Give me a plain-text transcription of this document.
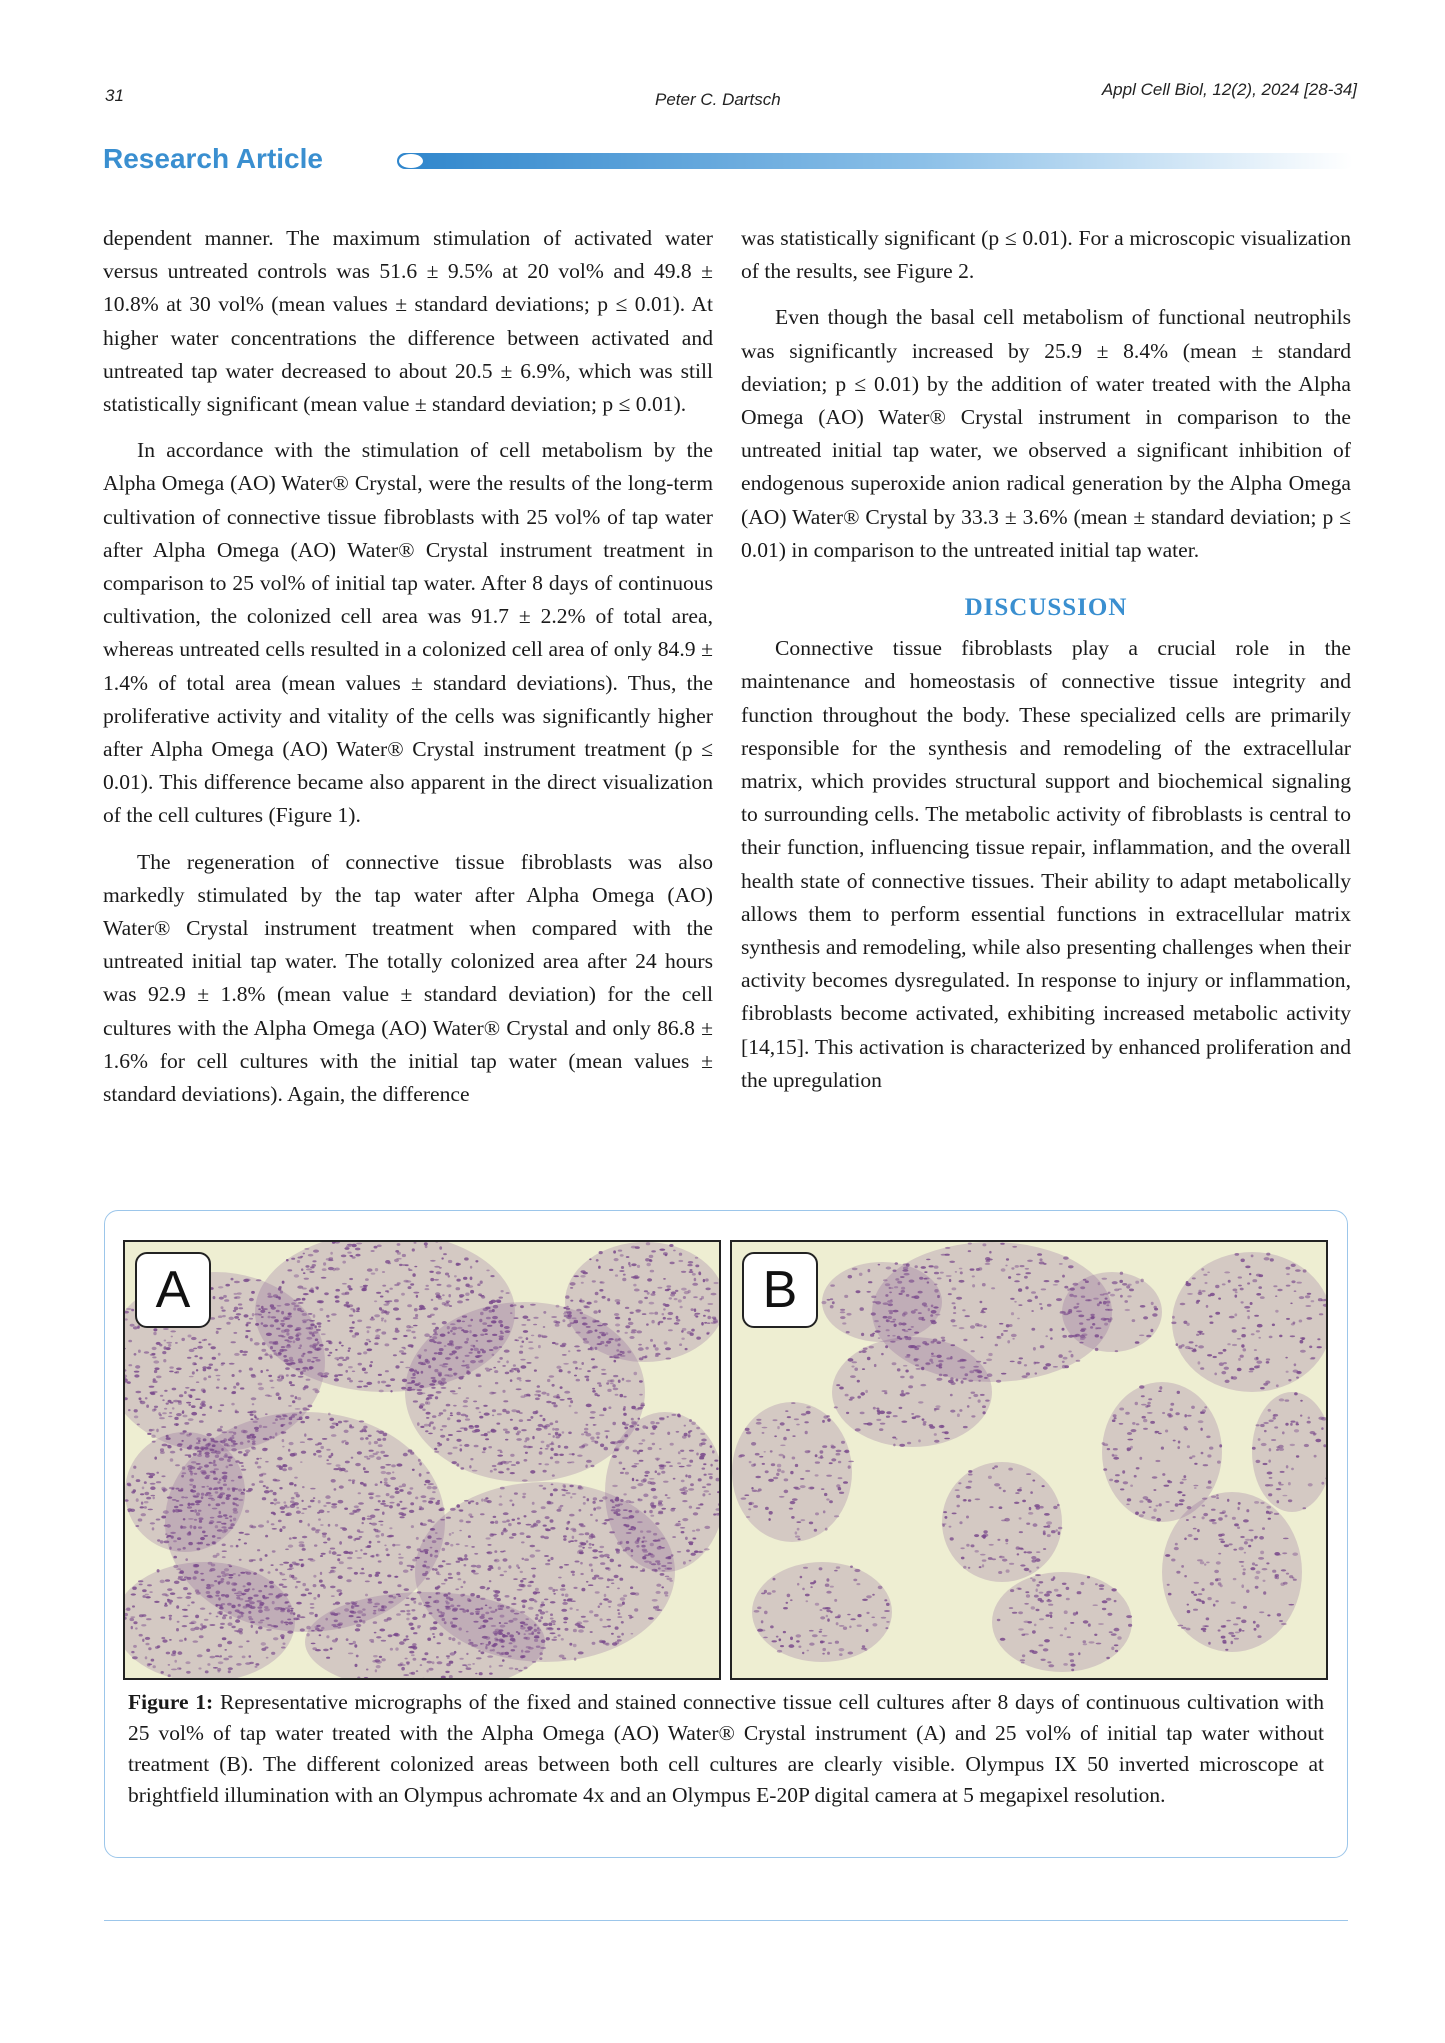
31	Peter C. Dartsch
Appl Cell Biol, 12(2), 2024 [28-34]
Research Article

dependent manner. The maximum stimulation of activated water versus untreated controls was 51.6 ± 9.5% at 20 vol% and 49.8 ± 10.8% at 30 vol% (mean values ± standard deviations; p ≤ 0.01). At higher water concentrations the difference between activated and untreated tap water decreased to about 20.5 ± 6.9%, which was still statistically significant (mean value ± standard deviation; p ≤ 0.01).

In accordance with the stimulation of cell metabolism by the Alpha Omega (AO) Water® Crystal, were the results of the long-term cultivation of connective tissue fibroblasts with 25 vol% of tap water after Alpha Omega (AO) Water® Crystal instrument treatment in comparison to 25 vol% of initial tap water. After 8 days of continuous cultivation, the colonized cell area was 91.7 ± 2.2% of total area, whereas untreated cells resulted in a colonized cell area of only 84.9 ± 1.4% of total area (mean values ± standard deviations). Thus, the proliferative activity and vitality of the cells was significantly higher after Alpha Omega (AO) Water® Crystal instrument treatment (p ≤ 0.01). This difference became also apparent in the direct visualization of the cell cultures (Figure 1).

The regeneration of connective tissue fibroblasts was also markedly stimulated by the tap water after Alpha Omega (AO) Water® Crystal instrument treatment when compared with the untreated initial tap water. The totally colonized area after 24 hours was 92.9 ± 1.8% (mean value ± standard deviation) for the cell cultures with the Alpha Omega (AO) Water® Crystal and only 86.8 ± 1.6% for cell cultures with the initial tap water (mean values ± standard deviations). Again, the difference

was statistically significant (p ≤ 0.01). For a microscopic visualization of the results, see Figure 2.

Even though the basal cell metabolism of functional neutrophils was significantly increased by 25.9 ± 8.4% (mean ± standard deviation; p ≤ 0.01) by the addition of water treated with the Alpha Omega (AO) Water® Crystal instrument in comparison to the untreated initial tap water, we observed a significant inhibition of endogenous superoxide anion radical generation by the Alpha Omega (AO) Water® Crystal by 33.3 ± 3.6% (mean ± standard deviation; p ≤ 0.01) in comparison to the untreated initial tap water.

DISCUSSION

Connective tissue fibroblasts play a crucial role in the maintenance and homeostasis of connective tissue integrity and function throughout the body. These specialized cells are primarily responsible for the synthesis and remodeling of the extracellular matrix, which provides structural support and biochemical signaling to surrounding cells. The metabolic activity of fibroblasts is central to their function, influencing tissue repair, inflammation, and the overall health state of connective tissues. Their ability to adapt metabolically allows them to perform essential functions in extracellular matrix synthesis and remodeling, while also presenting challenges when their activity becomes dysregulated. In response to injury or inflammation, fibroblasts become activated, exhibiting increased metabolic activity [14,15]. This activation is characterized by enhanced proliferation and the upregulation

A	B
Figure 1: Representative micrographs of the fixed and stained connective tissue cell cultures after 8 days of continuous cultivation with 25 vol% of tap water treated with the Alpha Omega (AO) Water® Crystal instrument (A) and 25 vol% of initial tap water without treatment (B). The different colonized areas between both cell cultures are clearly visible. Olympus IX 50 inverted microscope at brightfield illumination with an Olympus achromate 4x and an Olympus E-20P digital camera at 5 megapixel resolution.
